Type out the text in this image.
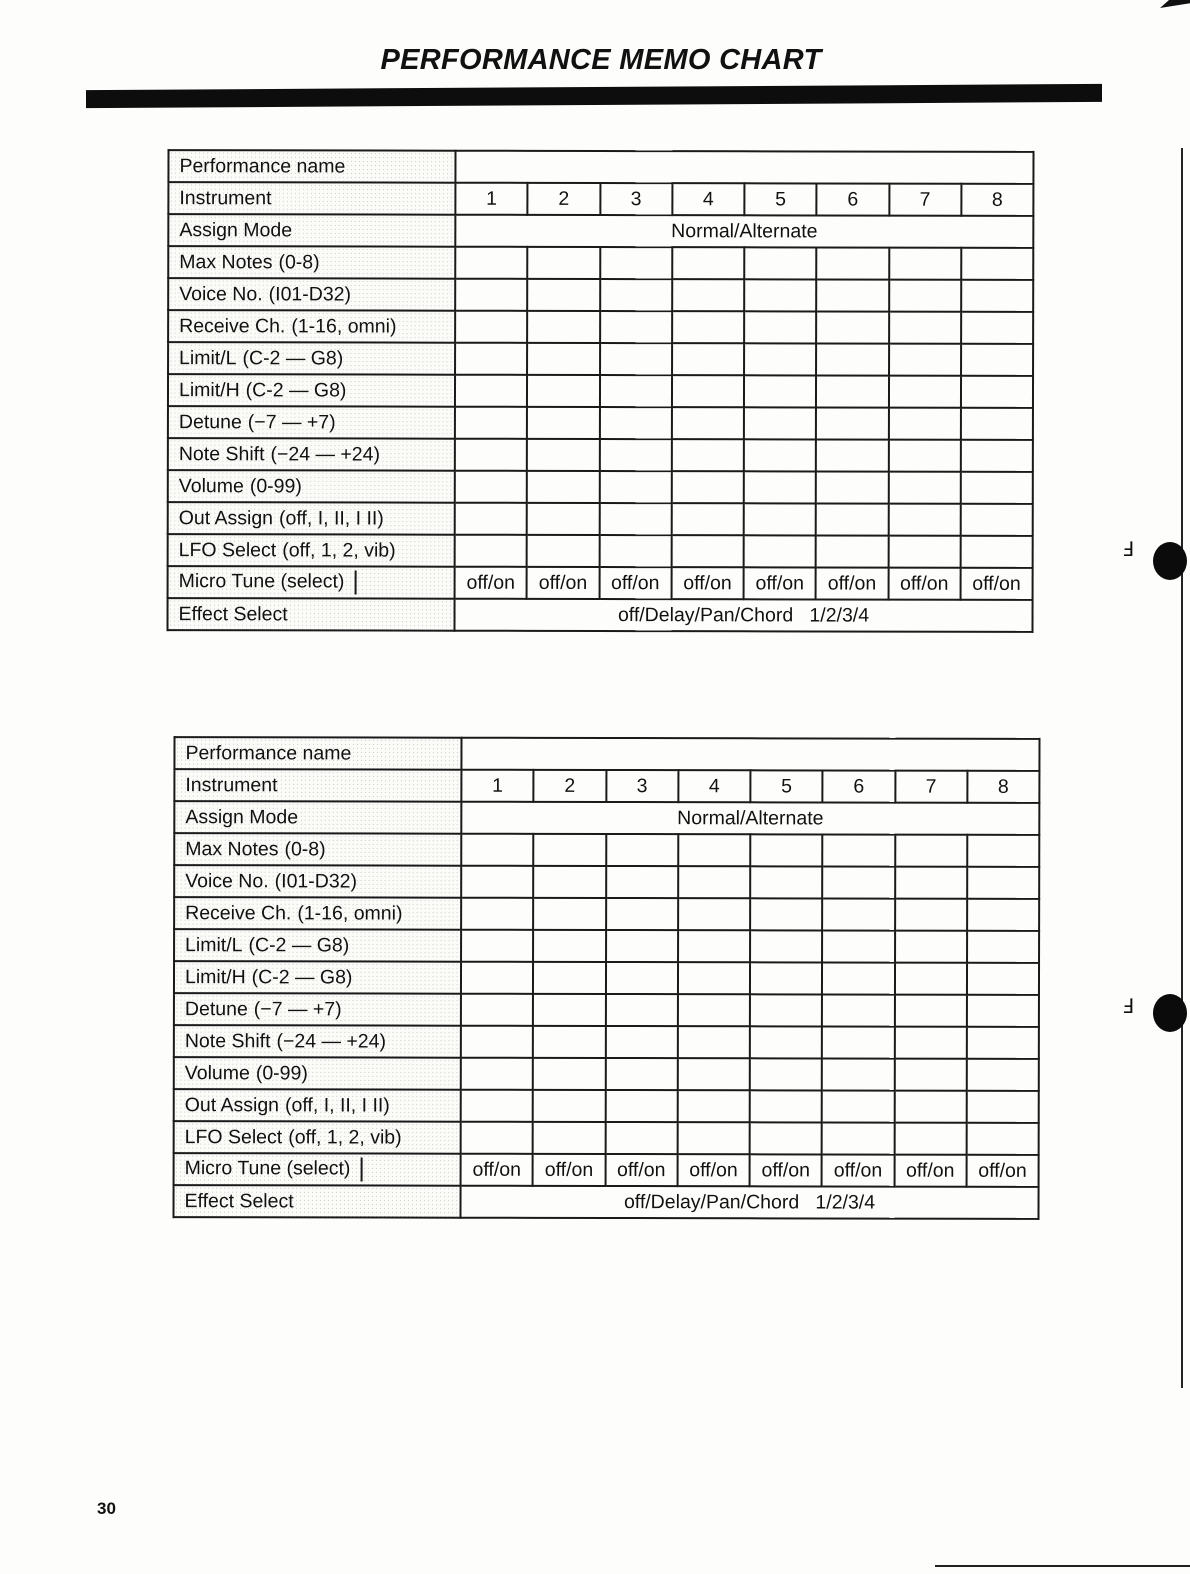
PERFORMANCE MEMO CHART
Ⅎ
Ⅎ
Performance name								
Instrument	1	2	3	4	5	6	7	8
Assign Mode	Normal/Alternate							
Max Notes (0-8)								
Voice No. (I01-D32)								
Receive Ch. (1-16, omni)								
Limit/L (C-2 — G8)								
Limit/H (C-2 — G8)								
Detune (−7 — +7)								
Note Shift (−24 — +24)								
Volume (0-99)								
Out Assign (off, I, II, I II)								
LFO Select (off, 1, 2, vib)								
Micro Tune (select)	off/on	off/on	off/on	off/on	off/on	off/on	off/on	off/on
Effect Select	off/Delay/Pan/Chord   1/2/3/4							
Performance name								
Instrument	1	2	3	4	5	6	7	8
Assign Mode	Normal/Alternate							
Max Notes (0-8)								
Voice No. (I01-D32)								
Receive Ch. (1-16, omni)								
Limit/L (C-2 — G8)								
Limit/H (C-2 — G8)								
Detune (−7 — +7)								
Note Shift (−24 — +24)								
Volume (0-99)								
Out Assign (off, I, II, I II)								
LFO Select (off, 1, 2, vib)								
Micro Tune (select)	off/on	off/on	off/on	off/on	off/on	off/on	off/on	off/on
Effect Select	off/Delay/Pan/Chord   1/2/3/4							
30
